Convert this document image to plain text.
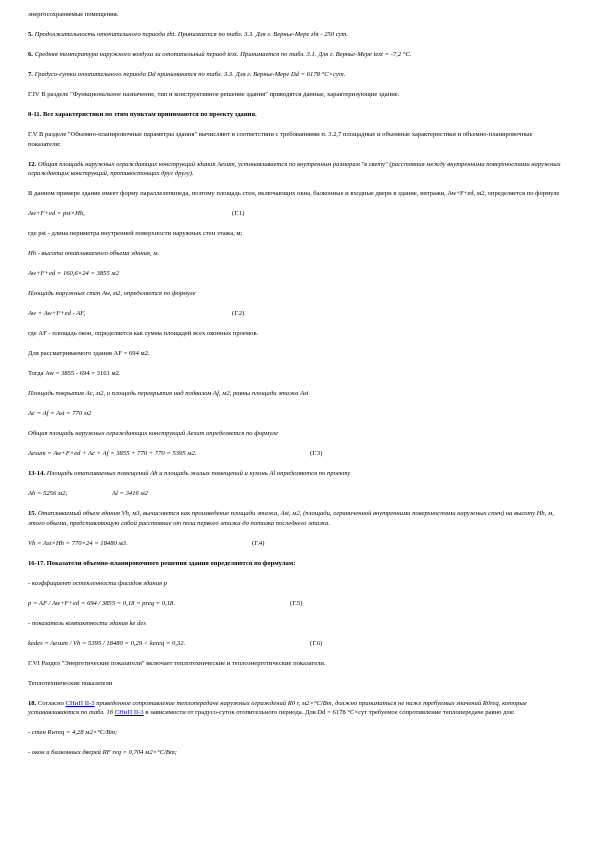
энергосохраняемые помещения.

5. Продолжительность отопительного периода zht. Принимается по табл. 3.3. Для г. Вернье-Мере zht - 250 сут.

6. Средняя температура наружного воздуха за отопительный период text. Принимается по табл. 3.1. Для г. Вернье-Мере text = -7,2 °С.

7. Градусо-сутки отопительного периода Dd принимаются по табл. 3.3. Для г. Вернье-Мере Dd = 6178 °С×сут.

Г.IV В разделе "Функциональное назначение, тип и конструктивное решение здания" приводятся данные, характеризующие здание.

8-11. Все характеристики по этим пунктам принимаются по проекту здания.

Г.V В разделе "Объемно-планировочные параметры здания" вычисляют в соответствии с требованиями п. 3.2,7 площадные и объемные характеристики и объемно-планировочные показатели:

12. Общая площадь наружных ограждающих конструкций здания Aesum, устанавливается по внутренним размерам "в свету" (расстояния между внутренними поверхностями наружных ограждающих конструкций, противостоящих друг другу).

В данном примере здание имеет форму параллелепипеда, поэтому площадь стен, включающих окна, балконные и входные двери в здание, витражи, Aw+F+ed, м2, определяется по формуле

Aw+F+ed = pst×Hh,	(Г.1)

где pst - длина периметра внутренней поверхности наружных стен этажа, м;

Hh - высота отапливаемого объема здания, м.

Aw+F+ed = 160,6×24 = 3855 м2

Площадь наружных стен Aw, м2, определяется по формуле

Aw = Aw+F+ed - AF,	(Г.2)

где AF - площадь окон, определяется как сумма площадей всех оконных проемов.

Для рассматриваемого здания AF = 694 м2.

Тогда Aw = 3855 - 694 = 3161 м2.

Площадь покрытия Ac, м2, и площадь перекрытия над подвалом Af, м2, равны площади этажа Ast

Ac = Af = Ast = 770 м2

Общая площадь наружных ограждающих конструкций Aesum определяется по формуле

Aesum = Aw+F+ed + Ac + Af = 3855 + 770 + 770 = 5395 м2.	(Г.3)

13-14. Площадь отапливаемых помещений Ah и площадь жилых помещений и кухонь Al определяются по проекту

Ah = 5256 м2;	Al = 3416 м2

15. Отапливаемый объем здания Vh, м3, вычисляется как произведение площади этажа, Ast, м2, (площади, ограниченной внутренними поверхностями наружных стен) на высоту Hh, м, этого объема, представляющую собой расстояние от пола первого этажа до потолка последнего этажа.

Vh = Ast×Hh = 770×24 = 18480 м3.	(Г.4)

16-17. Показатели объемно-планировочного решения здания определяются по формулам:

- коэффициент остекленности фасадов здания p

p = AF / Aw+F+ed = 694 / 3855 = 0,18 = preq = 0,18.	(Г.5)

- показатель компактности здания ke des

kedes = Aesum / Vh = 5395 / 18480 = 0,29 < kereq = 0,32.	(Г.6)

Г.VI Раздел "Энергетические показатели" включает теплотехнические и теплоэнергетические показатели.

Теплотехнические показатели

18. Согласно СНиП II-3 приведенное сопротивление теплопередаче наружных ограждений R0 r, м2×°С/Вт, должно приниматься не ниже требуемых значений R0req, которые устанавливаются по табл. 1б СНиП II-3 в зависимости от градусо-суток отопительного периода. Для Dd = 6178 °С×сут требуемое сопротивление теплопередаче равно для:

- стен Rwreq = 4,28 м2×°С/Вт;

- окон и балконных дверей RF req = 0,704 м2×°С/Вт;
